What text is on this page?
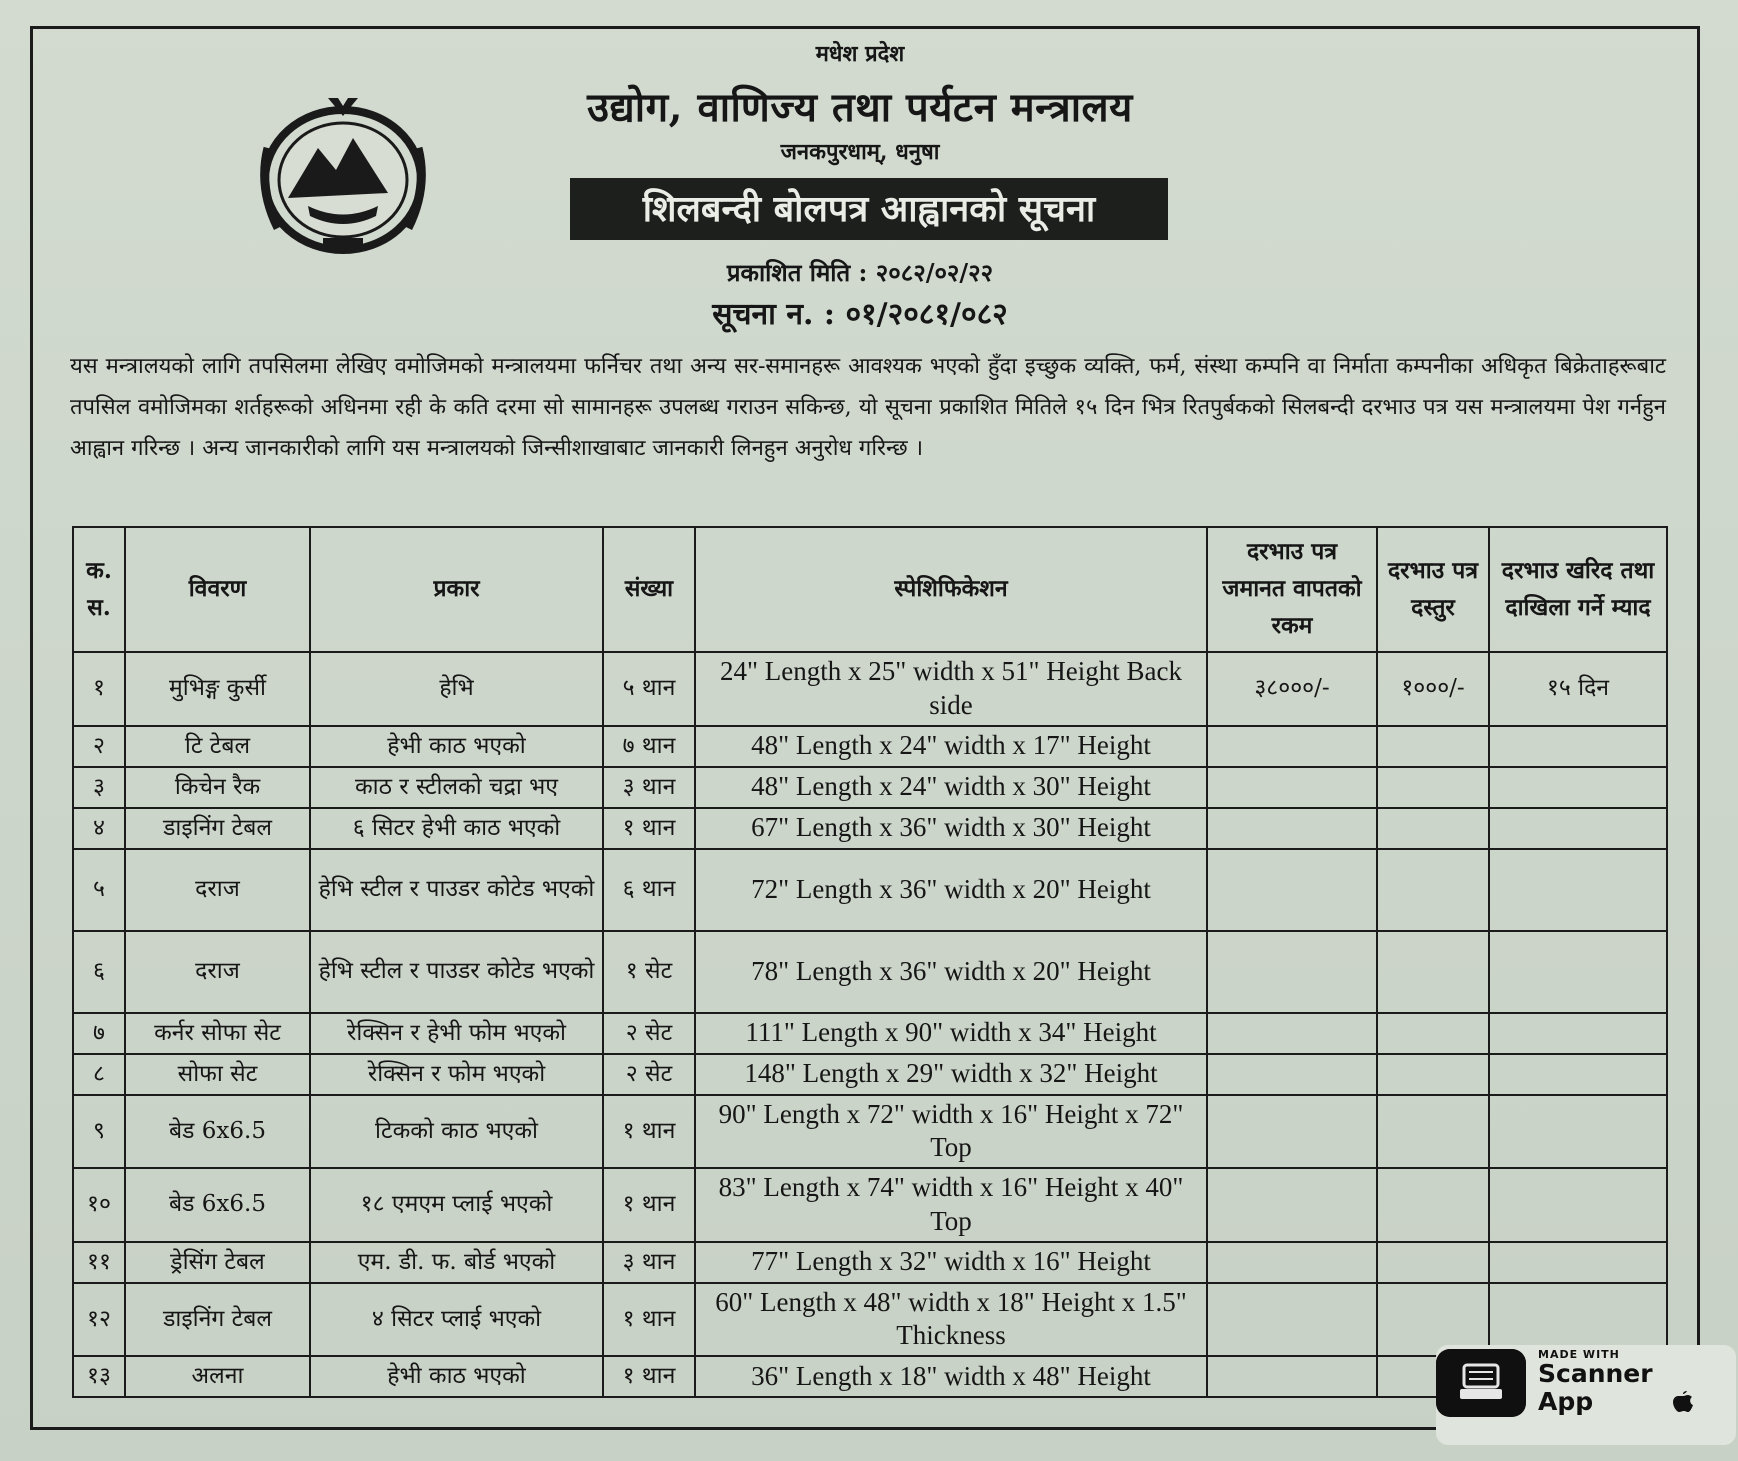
मधेश प्रदेश
उद्योग, वाणिज्य तथा पर्यटन मन्त्रालय
जनकपुरधाम्, धनुषा
शिलबन्दी बोलपत्र आह्वानको सूचना
प्रकाशित मिति : २०८२/०२/२२
सूचना न. : ०१/२०८१/०८२
यस मन्त्रालयको लागि तपसिलमा लेखिए वमोजिमको मन्त्रालयमा फर्निचर तथा अन्य सर-समानहरू आवश्यक भएको हुँदा इच्छुक व्यक्ति, फर्म, संस्था कम्पनि वा निर्माता कम्पनीका अधिकृत बिक्रेताहरूबाट तपसिल वमोजिमका शर्तहरूको अधिनमा रही के कति दरमा सो सामानहरू उपलब्ध गराउन सकिन्छ, यो सूचना प्रकाशित मितिले १५ दिन भित्र रितपुर्बकको सिलबन्दी दरभाउ पत्र यस मन्त्रालयमा पेश गर्नहुन आह्वान गरिन्छ । अन्य जानकारीको लागि यस मन्त्रालयको जिन्सीशाखाबाट जानकारी लिनहुन अनुरोध गरिन्छ ।
क. स.	विवरण	प्रकार	संख्या	स्पेशिफिकेशन	दरभाउ पत्र जमानत वापतको रकम	दरभाउ पत्र दस्तुर	दरभाउ खरिद तथा दाखिला गर्ने म्याद
१	मुभिङ्ग कुर्सी	हेभि	५ थान	24" Length x 25" width x 51" Height Back side	३८०००/-	१०००/-	१५ दिन
२	टि टेबल	हेभी काठ भएको	७ थान	48" Length x 24" width x 17" Height			
३	किचेन रैक	काठ र स्टीलको चद्रा भए	३ थान	48" Length x 24" width x 30" Height			
४	डाइनिंग टेबल	६ सिटर हेभी काठ भएको	१ थान	67" Length x 36" width x 30" Height			
५	दराज	हेभि स्टील र पाउडर कोटेड भएको	६ थान	72" Length x 36" width x 20" Height			
६	दराज	हेभि स्टील र पाउडर कोटेड भएको	१ सेट	78" Length x 36" width x 20" Height			
७	कर्नर सोफा सेट	रेक्सिन र हेभी फोम भएको	२ सेट	111" Length x 90" width x 34" Height			
८	सोफा सेट	रेक्सिन र फोम भएको	२ सेट	148" Length x 29" width x 32" Height			
९	बेड 6x6.5	टिकको काठ भएको	१ थान	90" Length x 72" width x 16" Height x 72" Top			
१०	बेड 6x6.5	१८ एमएम प्लाई भएको	१ थान	83" Length x 74" width x 16" Height x 40" Top			
११	ड्रेसिंग टेबल	एम. डी. फ. बोर्ड भएको	३ थान	77" Length x 32" width x 16" Height			
१२	डाइनिंग टेबल	४ सिटर प्लाई भएको	१ थान	60" Length x 48" width x 18" Height x 1.5" Thickness			
१३	अलना	हेभी काठ भएको	१ थान	36" Length x 18" width x 48" Height			
MADE WITH
Scanner
App
